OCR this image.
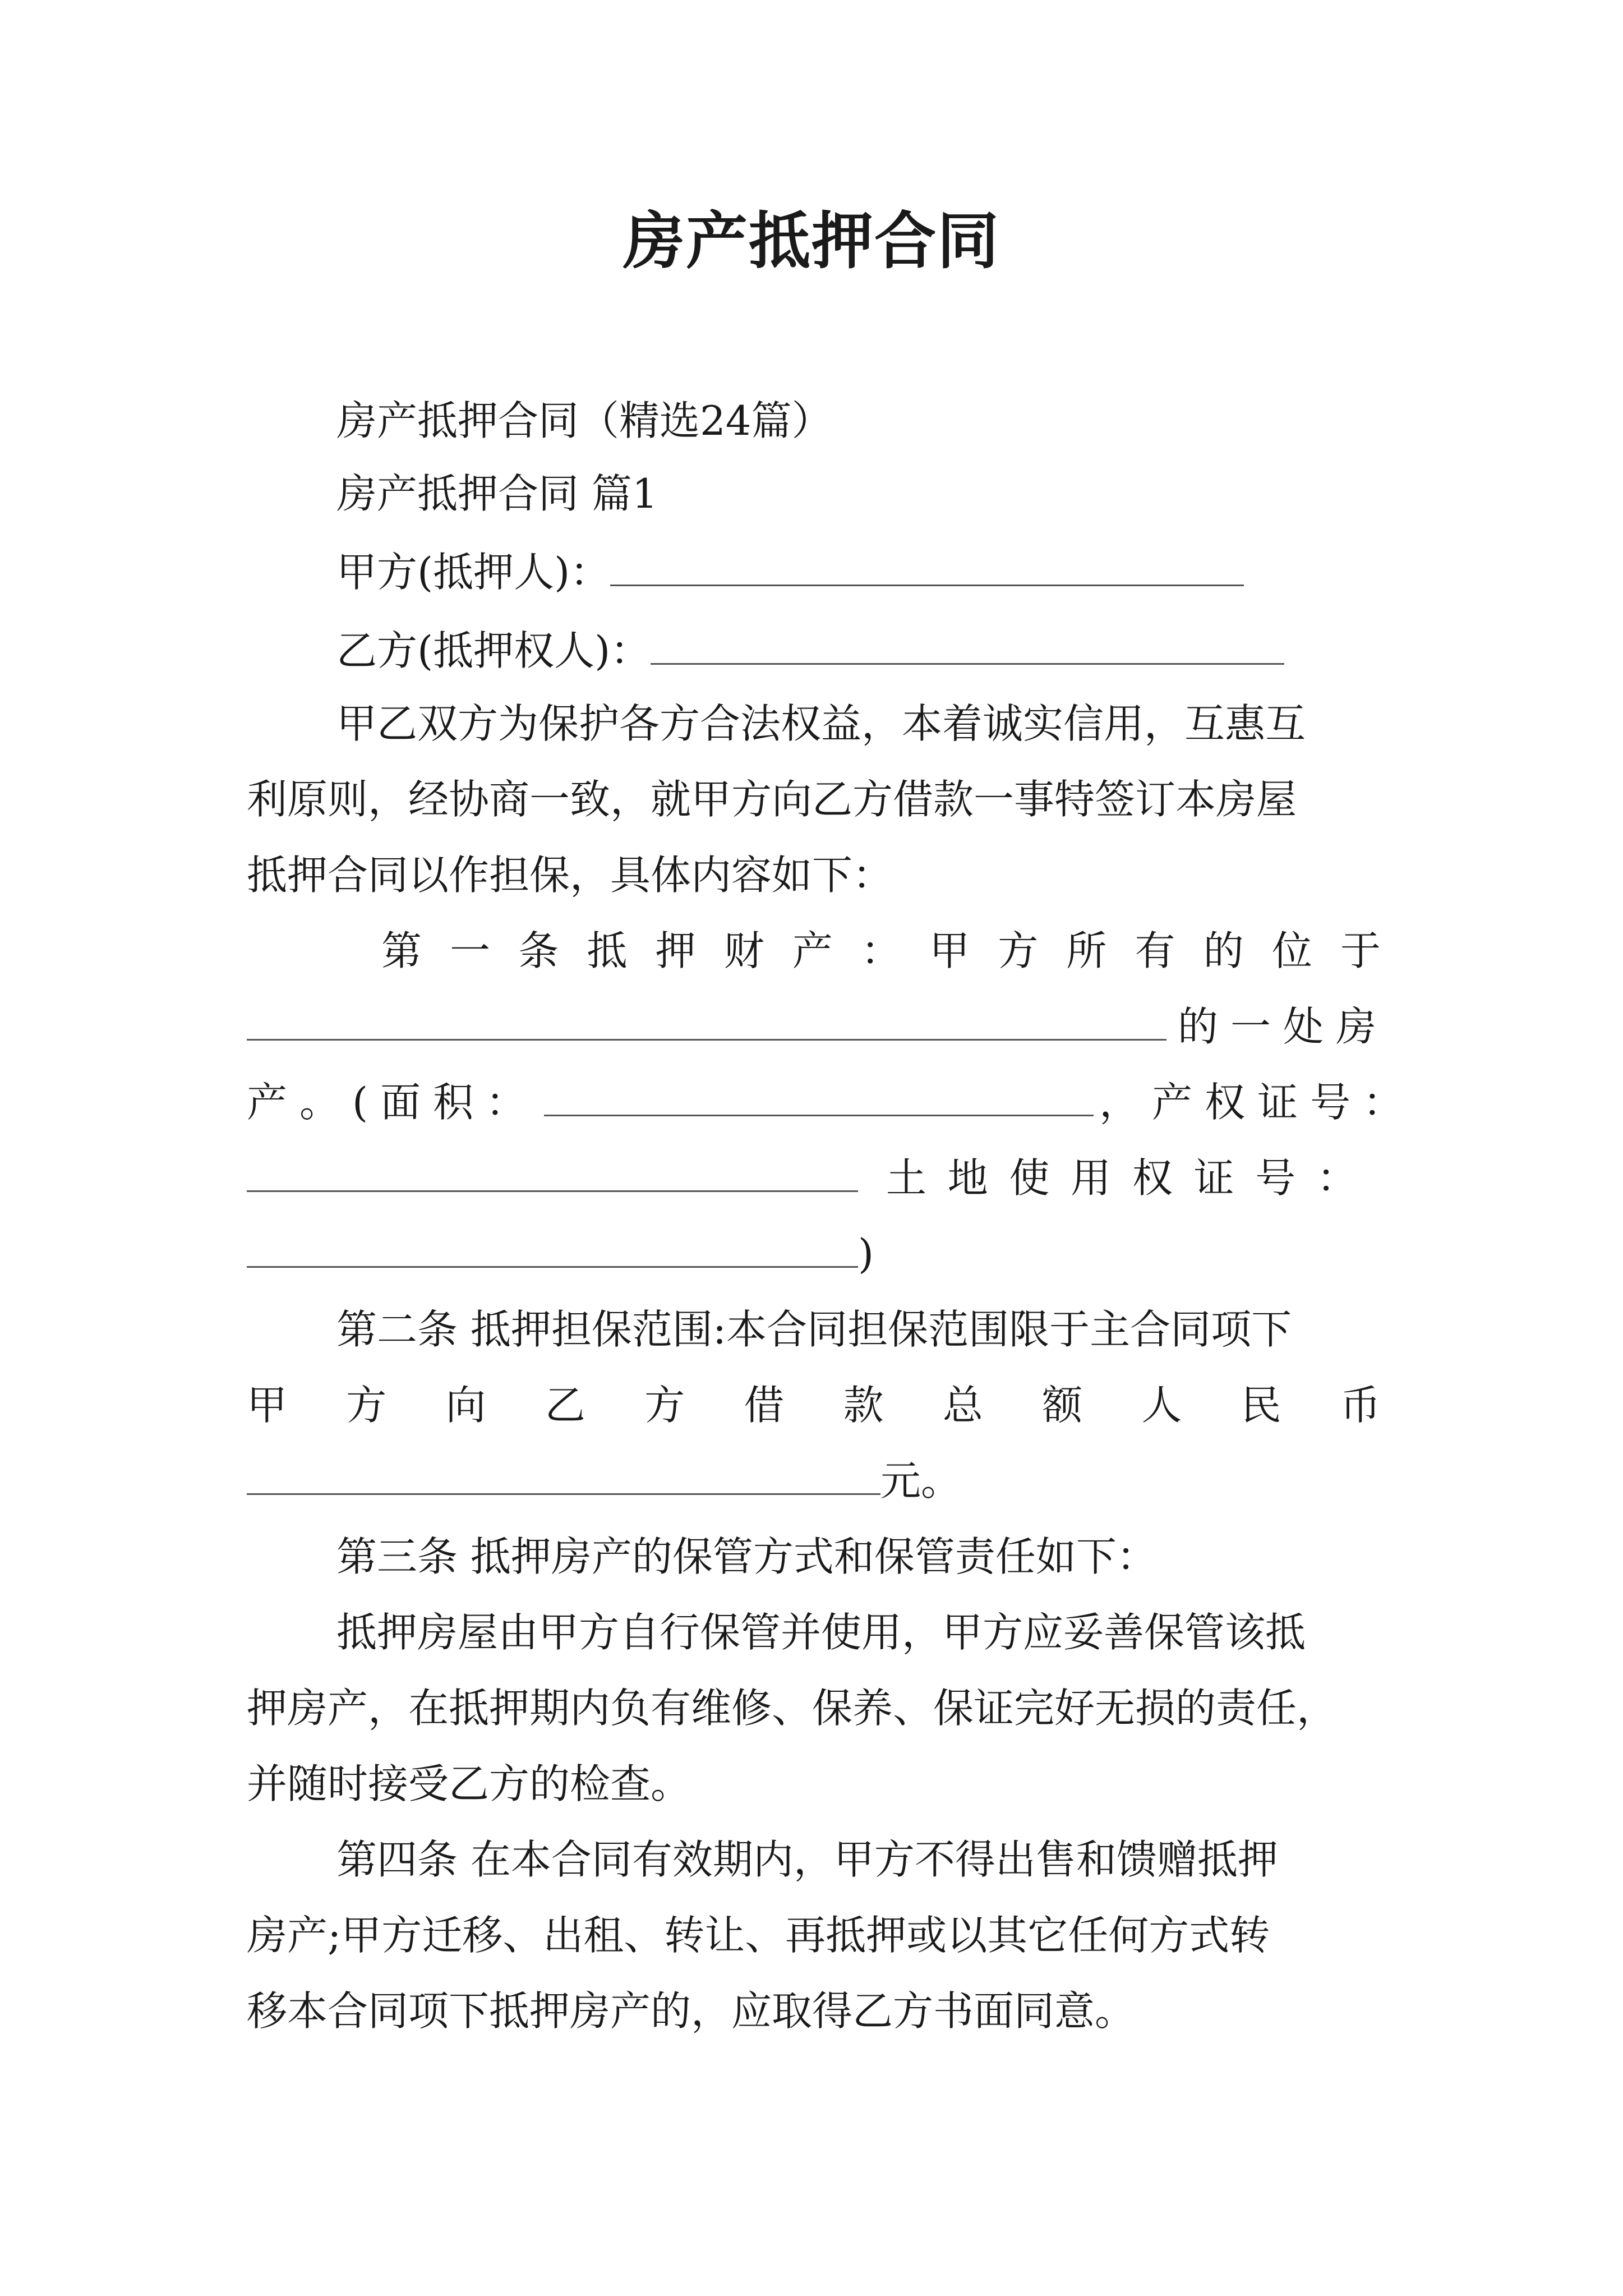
房产抵押合同
房产抵押合同（精选24篇）
房产抵押合同 篇1
甲方(抵押人)：
乙方(抵押权人)：
甲乙双方为保护各方合法权益，本着诚实信用，互惠互
利原则，经协商一致，就甲方向乙方借款一事特签订本房屋
抵押合同以作担保，具体内容如下：
第 一 条 抵 押 财 产 ： 甲 方 所 有 的 位 于
的一处房
产。(面积：	，产权证号：
土 地 使 用 权 证 号 ：
)
第二条 抵押担保范围:本合同担保范围限于主合同项下
甲 方 向 乙 方 借 款 总 额 人 民 币
元。
第三条 抵押房产的保管方式和保管责任如下：
抵押房屋由甲方自行保管并使用，甲方应妥善保管该抵
押房产，在抵押期内负有维修、保养、保证完好无损的责任，
并随时接受乙方的检查。
第四条 在本合同有效期内，甲方不得出售和馈赠抵押
房产;甲方迁移、出租、转让、再抵押或以其它任何方式转
移本合同项下抵押房产的，应取得乙方书面同意。
